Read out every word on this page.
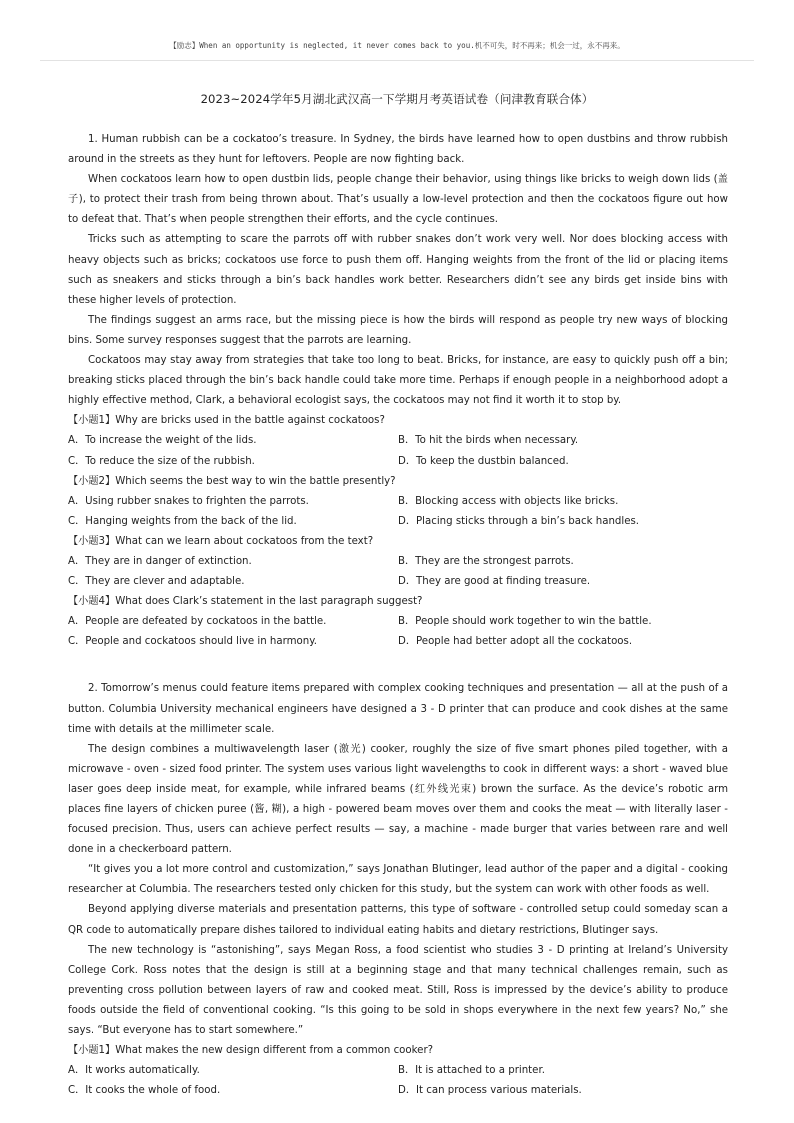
【励志】When an opportunity is neglected, it never comes back to you.机不可失，时不再来；机会一过，永不再来。
2023~2024学年5月湖北武汉高一下学期月考英语试卷（问津教育联合体）

1. Human rubbish can be a cockatoo’s treasure. In Sydney, the birds have learned how to open dustbins and throw rubbish around in the streets as they hunt for leftovers. People are now fighting back.

When cockatoos learn how to open dustbin lids, people change their behavior, using things like bricks to weigh down lids (盖子), to protect their trash from being thrown about. That’s usually a low-level protection and then the cockatoos figure out how to defeat that. That’s when people strengthen their efforts, and the cycle continues.

Tricks such as attempting to scare the parrots off with rubber snakes don’t work very well. Nor does blocking access with heavy objects such as bricks; cockatoos use force to push them off. Hanging weights from the front of the lid or placing items such as sneakers and sticks through a bin’s back handles work better. Researchers didn’t see any birds get inside bins with these higher levels of protection.

The findings suggest an arms race, but the missing piece is how the birds will respond as people try new ways of blocking bins. Some survey responses suggest that the parrots are learning.

Cockatoos may stay away from strategies that take too long to beat. Bricks, for instance, are easy to quickly push off a bin; breaking sticks placed through the bin’s back handle could take more time. Perhaps if enough people in a neighborhood adopt a highly effective method, Clark, a behavioral ecologist says, the cockatoos may not find it worth it to stop by.

【小题1】Why are bricks used in the battle against cockatoos?
A．To increase the weight of the lids.	B．To hit the birds when necessary.
C．To reduce the size of the rubbish.	D．To keep the dustbin balanced.
【小题2】Which seems the best way to win the battle presently?
A．Using rubber snakes to frighten the parrots.	B．Blocking access with objects like bricks.
C．Hanging weights from the back of the lid.	D．Placing sticks through a bin’s back handles.
【小题3】What can we learn about cockatoos from the text?
A．They are in danger of extinction.	B．They are the strongest parrots.
C．They are clever and adaptable.	D．They are good at finding treasure.
【小题4】What does Clark’s statement in the last paragraph suggest?
A．People are defeated by cockatoos in the battle.	B．People should work together to win the battle.
C．People and cockatoos should live in harmony.	D．People had better adopt all the cockatoos.

2. Tomorrow’s menus could feature items prepared with complex cooking techniques and presentation — all at the push of a button. Columbia University mechanical engineers have designed a 3 - D printer that can produce and cook dishes at the same time with details at the millimeter scale.

The design combines a multiwavelength laser (激光) cooker, roughly the size of five smart phones piled together, with a microwave - oven - sized food printer. The system uses various light wavelengths to cook in different ways: a short - waved blue laser goes deep inside meat, for example, while infrared beams (红外线光束) brown the surface. As the device’s robotic arm places fine layers of chicken puree (酱, 糊), a high - powered beam moves over them and cooks the meat — with literally laser - focused precision. Thus, users can achieve perfect results — say, a machine - made burger that varies between rare and well done in a checkerboard pattern.

“It gives you a lot more control and customization,” says Jonathan Blutinger, lead author of the paper and a digital - cooking researcher at Columbia. The researchers tested only chicken for this study, but the system can work with other foods as well.

Beyond applying diverse materials and presentation patterns, this type of software - controlled setup could someday scan a QR code to automatically prepare dishes tailored to individual eating habits and dietary restrictions, Blutinger says.

The new technology is “astonishing”, says Megan Ross, a food scientist who studies 3 - D printing at Ireland’s University College Cork. Ross notes that the design is still at a beginning stage and that many technical challenges remain, such as preventing cross pollution between layers of raw and cooked meat. Still, Ross is impressed by the device’s ability to produce foods outside the field of conventional cooking. “Is this going to be sold in shops everywhere in the next few years? No,” she says. “But everyone has to start somewhere.”

【小题1】What makes the new design different from a common cooker?
A．It works automatically.	B．It is attached to a printer.
C．It cooks the whole of food.	D．It can process various materials.
